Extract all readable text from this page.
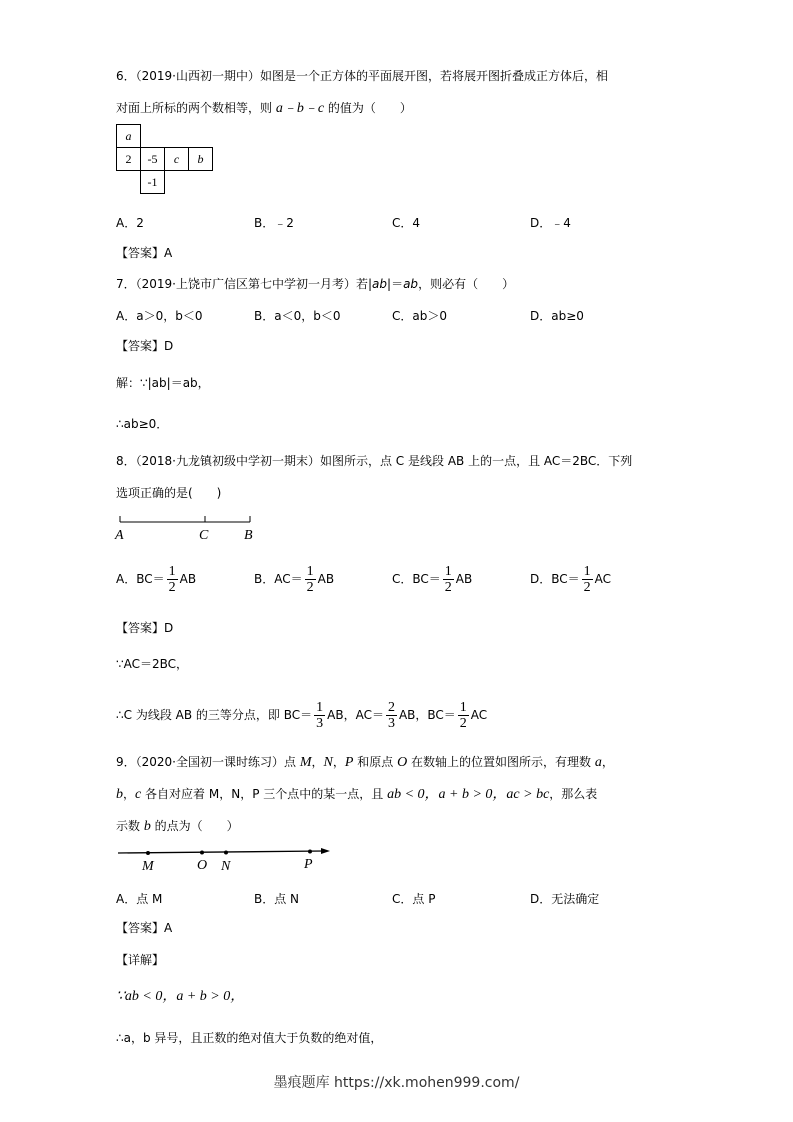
6．（2019·山西初一期中）如图是一个正方体的平面展开图，若将展开图折叠成正方体后，相
对面上所标的两个数相等，则 a﹣b﹣c 的值为（　　）
a			
2	-5	c	b
	-1		
A．2	B．﹣2	C．4	D．﹣4
【答案】A
7．（2019·上饶市广信区第七中学初一月考）若|ab|＝ab，则必有（　　）
A．a＞0，b＜0	B．a＜0，b＜0	C．ab＞0	D．ab≥0
【答案】D
解：∵|ab|＝ab，
∴ab≥0．
8．（2018·九龙镇初级中学初一期末）如图所示，点 C 是线段 AB 上的一点，且 AC＝2BC．下列
选项正确的是(　　)
A	C	B
A．$BC= \frac{1}{2}$ AB	B．$AC= \frac{1}{2}$ AB	C．$BC= \frac{1}{2}$ AB	D．$BC= \frac{1}{2}$ AC
【答案】D
∵AC＝2BC，
∴C 为线段 AB 的三等分点，即 $BC= \frac{1}{3}$ AB，$AC= \frac{2}{3}$ AB，$BC= \frac{1}{2}$ AC
9．（2020·全国初一课时练习）点 M，N，P 和原点 O 在数轴上的位置如图所示，有理数 a，
b，c 各自对应着 M，N，P 三个点中的某一点，且 ab < 0，a + b > 0，ac > bc，那么表
示数 b 的点为（　　）
M	O N	P
A．点 M	B．点 N	C．点 P	D．无法确定
【答案】A
【详解】
∵ab < 0，a + b > 0，
∴a，b 异号，且正数的绝对值大于负数的绝对值，
墨痕题库 https://xk.mohen999.com/
